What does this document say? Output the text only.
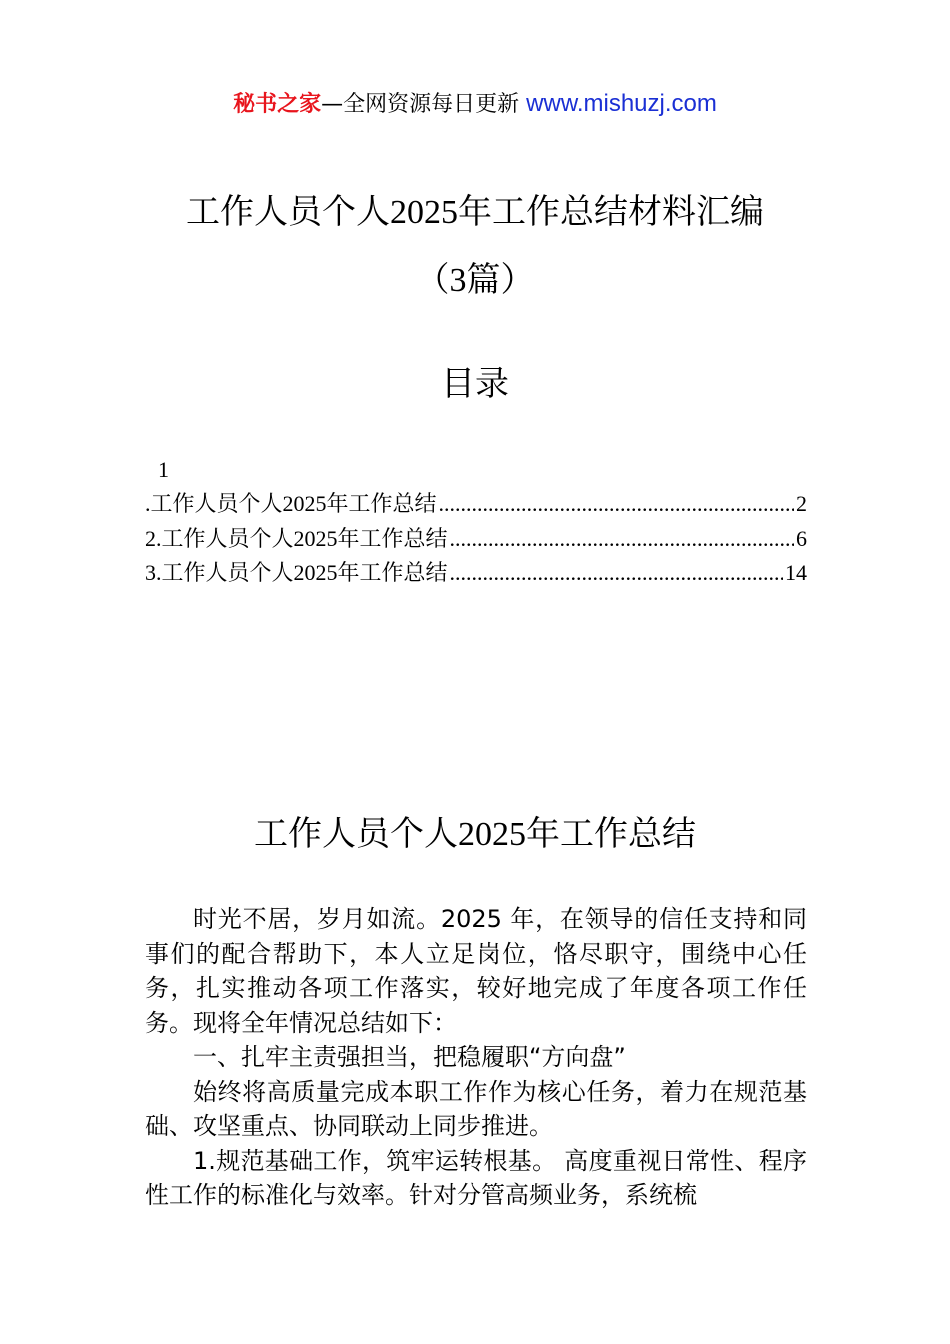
秘书之家—全网资源每日更新 www.mishuzj.com
工作人员个人2025年工作总结材料汇编
（3篇）
目录
1
. 工作人员个人 2025 年工作总结 .....	2
2. 工作人员个人 2025 年工作总结 .....	6
3. 工作人员个人 2025 年工作总结 .....	14
工作人员个人2025年工作总结

时光不居，岁月如流。2025 年，在领导的信任支持和同事们的配合帮助下，本人立足岗位，恪尽职守，围绕中心任务，扎实推动各项工作落实，较好地完成了年度各项工作任务。现将全年情况总结如下：

一、扎牢主责强担当，把稳履职“方向盘”

始终将高质量完成本职工作作为核心任务，着力在规范基础、攻坚重点、协同联动上同步推进。

1.规范基础工作，筑牢运转根基。 高度重视日常性、程序性工作的标准化与效率。针对分管高频业务，系统梳
